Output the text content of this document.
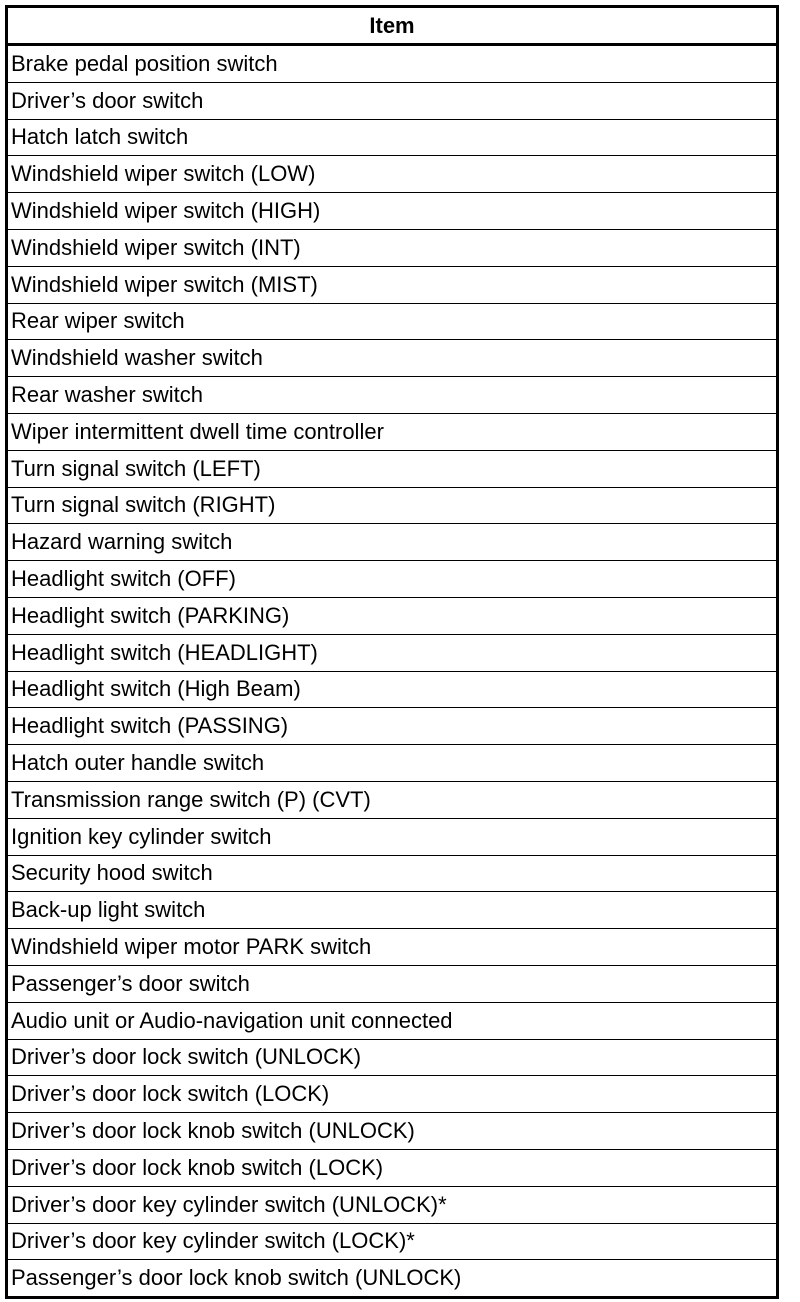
Item
Brake pedal position switch
Driver’s door switch
Hatch latch switch
Windshield wiper switch (LOW)
Windshield wiper switch (HIGH)
Windshield wiper switch (INT)
Windshield wiper switch (MIST)
Rear wiper switch
Windshield washer switch
Rear washer switch
Wiper intermittent dwell time controller
Turn signal switch (LEFT)
Turn signal switch (RIGHT)
Hazard warning switch
Headlight switch (OFF)
Headlight switch (PARKING)
Headlight switch (HEADLIGHT)
Headlight switch (High Beam)
Headlight switch (PASSING)
Hatch outer handle switch
Transmission range switch (P) (CVT)
Ignition key cylinder switch
Security hood switch
Back-up light switch
Windshield wiper motor PARK switch
Passenger’s door switch
Audio unit or Audio-navigation unit connected
Driver’s door lock switch (UNLOCK)
Driver’s door lock switch (LOCK)
Driver’s door lock knob switch (UNLOCK)
Driver’s door lock knob switch (LOCK)
Driver’s door key cylinder switch (UNLOCK)*
Driver’s door key cylinder switch (LOCK)*
Passenger’s door lock knob switch (UNLOCK)
